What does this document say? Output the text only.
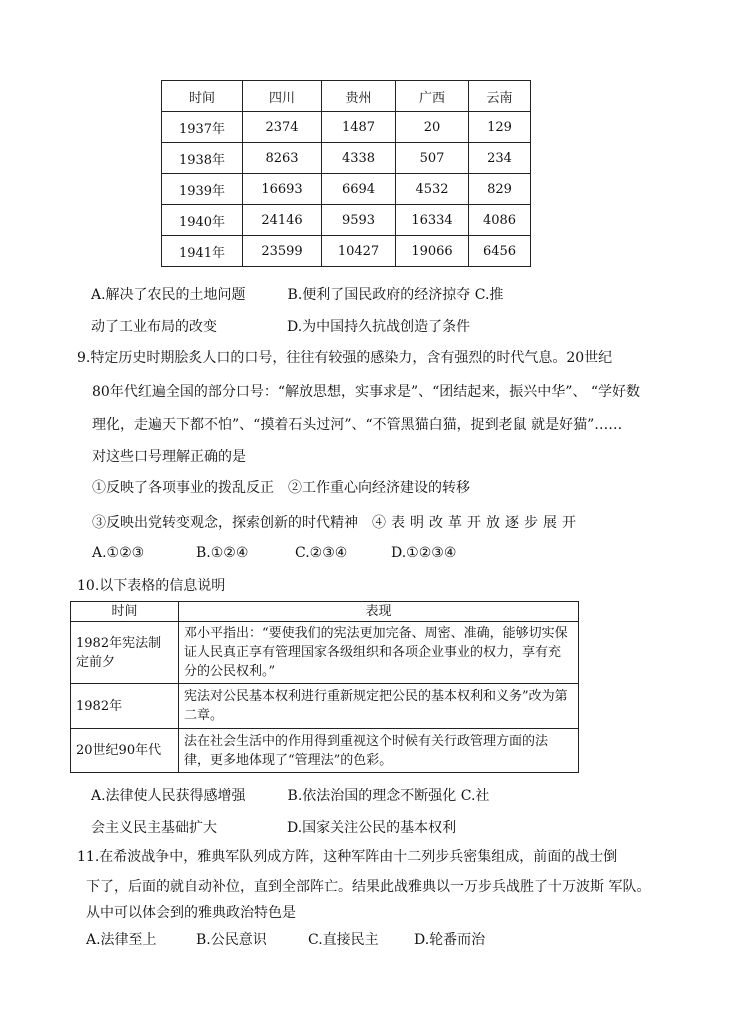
时间	四川	贵州	广西	云南
1937年	2374	1487	20	129
1938年	8263	4338	507	234
1939年	16693	6694	4532	829
1940年	24146	9593	16334	4086
1941年	23599	10427	19066	6456
A.解决了农民的土地问题　　　B.便利了国民政府的经济掠夺 C.推
动了工业布局的改变　　　　　D.为中国持久抗战创造了条件
9.特定历史时期脍炙人口的口号，往往有较强的感染力，含有强烈的时代气息。20世纪
80年代红遍全国的部分口号：“解放思想，实事求是”、“团结起来，振兴中华”、 “学好数
理化，走遍天下都不怕”、“摸着石头过河”、“不管黑猫白猫，捉到老鼠 就是好猫”……
对这些口号理解正确的是
①反映了各项事业的拨乱反正　②工作重心向经济建设的转移
③反映出党转变观念，探索创新的时代精神　④表明改革开放逐步展开
A.①②③	B.①②④	C.②③④	D.①②③④
10.以下表格的信息说明
时间	表现
1982年宪法制定前夕	邓小平指出：“要使我们的宪法更加完备、周密、准确，能够切实保证人民真正享有管理国家各级组织和各项企业事业的权力，享有充分的公民权利。”
1982年	宪法对公民基本权利进行重新规定把公民的基本权利和义务”改为第二章。
20世纪90年代	法在社会生活中的作用得到重视这个时候有关行政管理方面的法律，更多地体现了“管理法”的色彩。
A.法律使人民获得感增强　　　B.依法治国的理念不断强化 C.社
会主义民主基础扩大　　　　　D.国家关注公民的基本权利
11.在希波战争中，雅典军队列成方阵，这种军阵由十二列步兵密集组成，前面的战士倒
下了，后面的就自动补位，直到全部阵亡。结果此战雅典以一万步兵战胜了十万波斯 军队。
从中可以体会到的雅典政治特色是
A.法律至上	B.公民意识	C.直接民主	D.轮番而治
